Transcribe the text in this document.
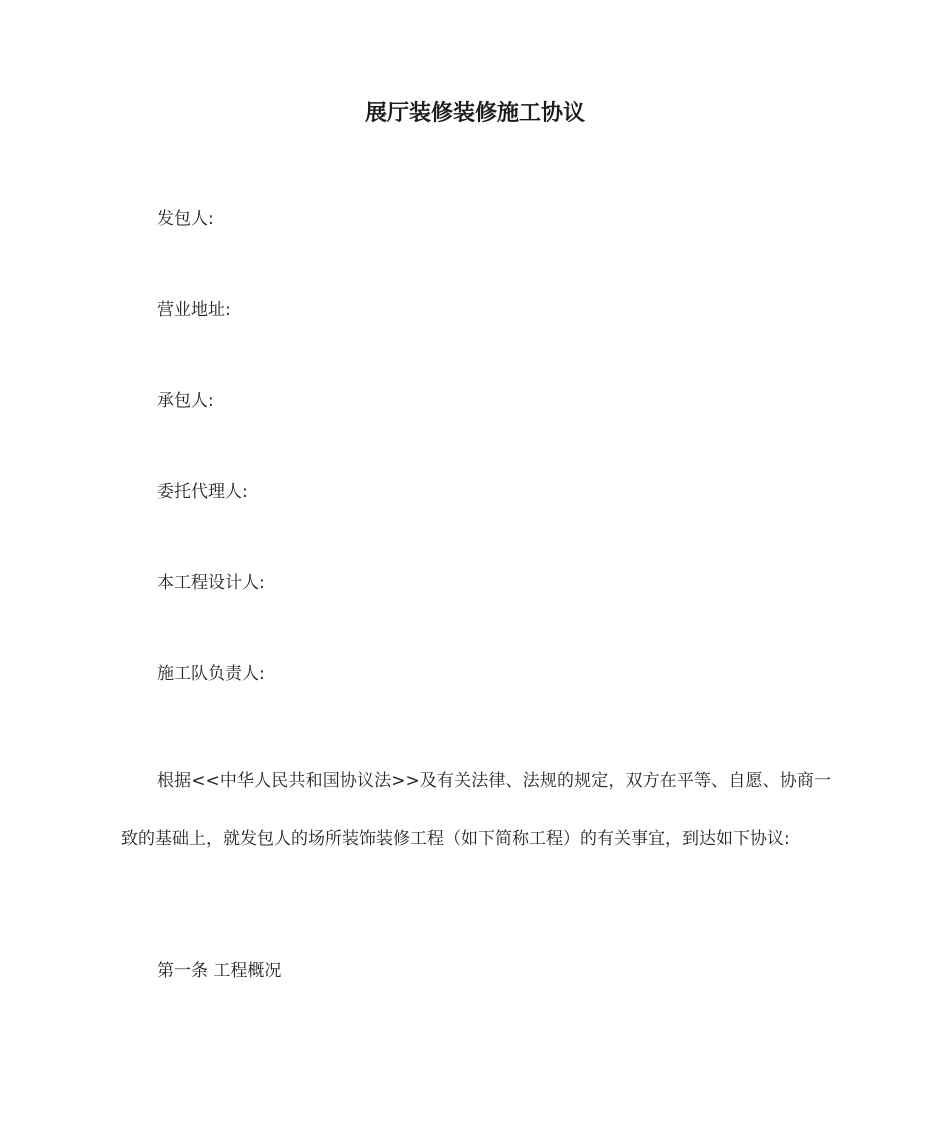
展厅装修装修施工协议

发包人:

营业地址:

承包人:

委托代理人:

本工程设计人:

施工队负责人:

根据<<中华人民共和国协议法>>及有关法律、法规的规定，双方在平等、自愿、协商一致的基础上，就发包人的场所装饰装修工程（如下简称工程）的有关事宜，到达如下协议:

第一条 工程概况
